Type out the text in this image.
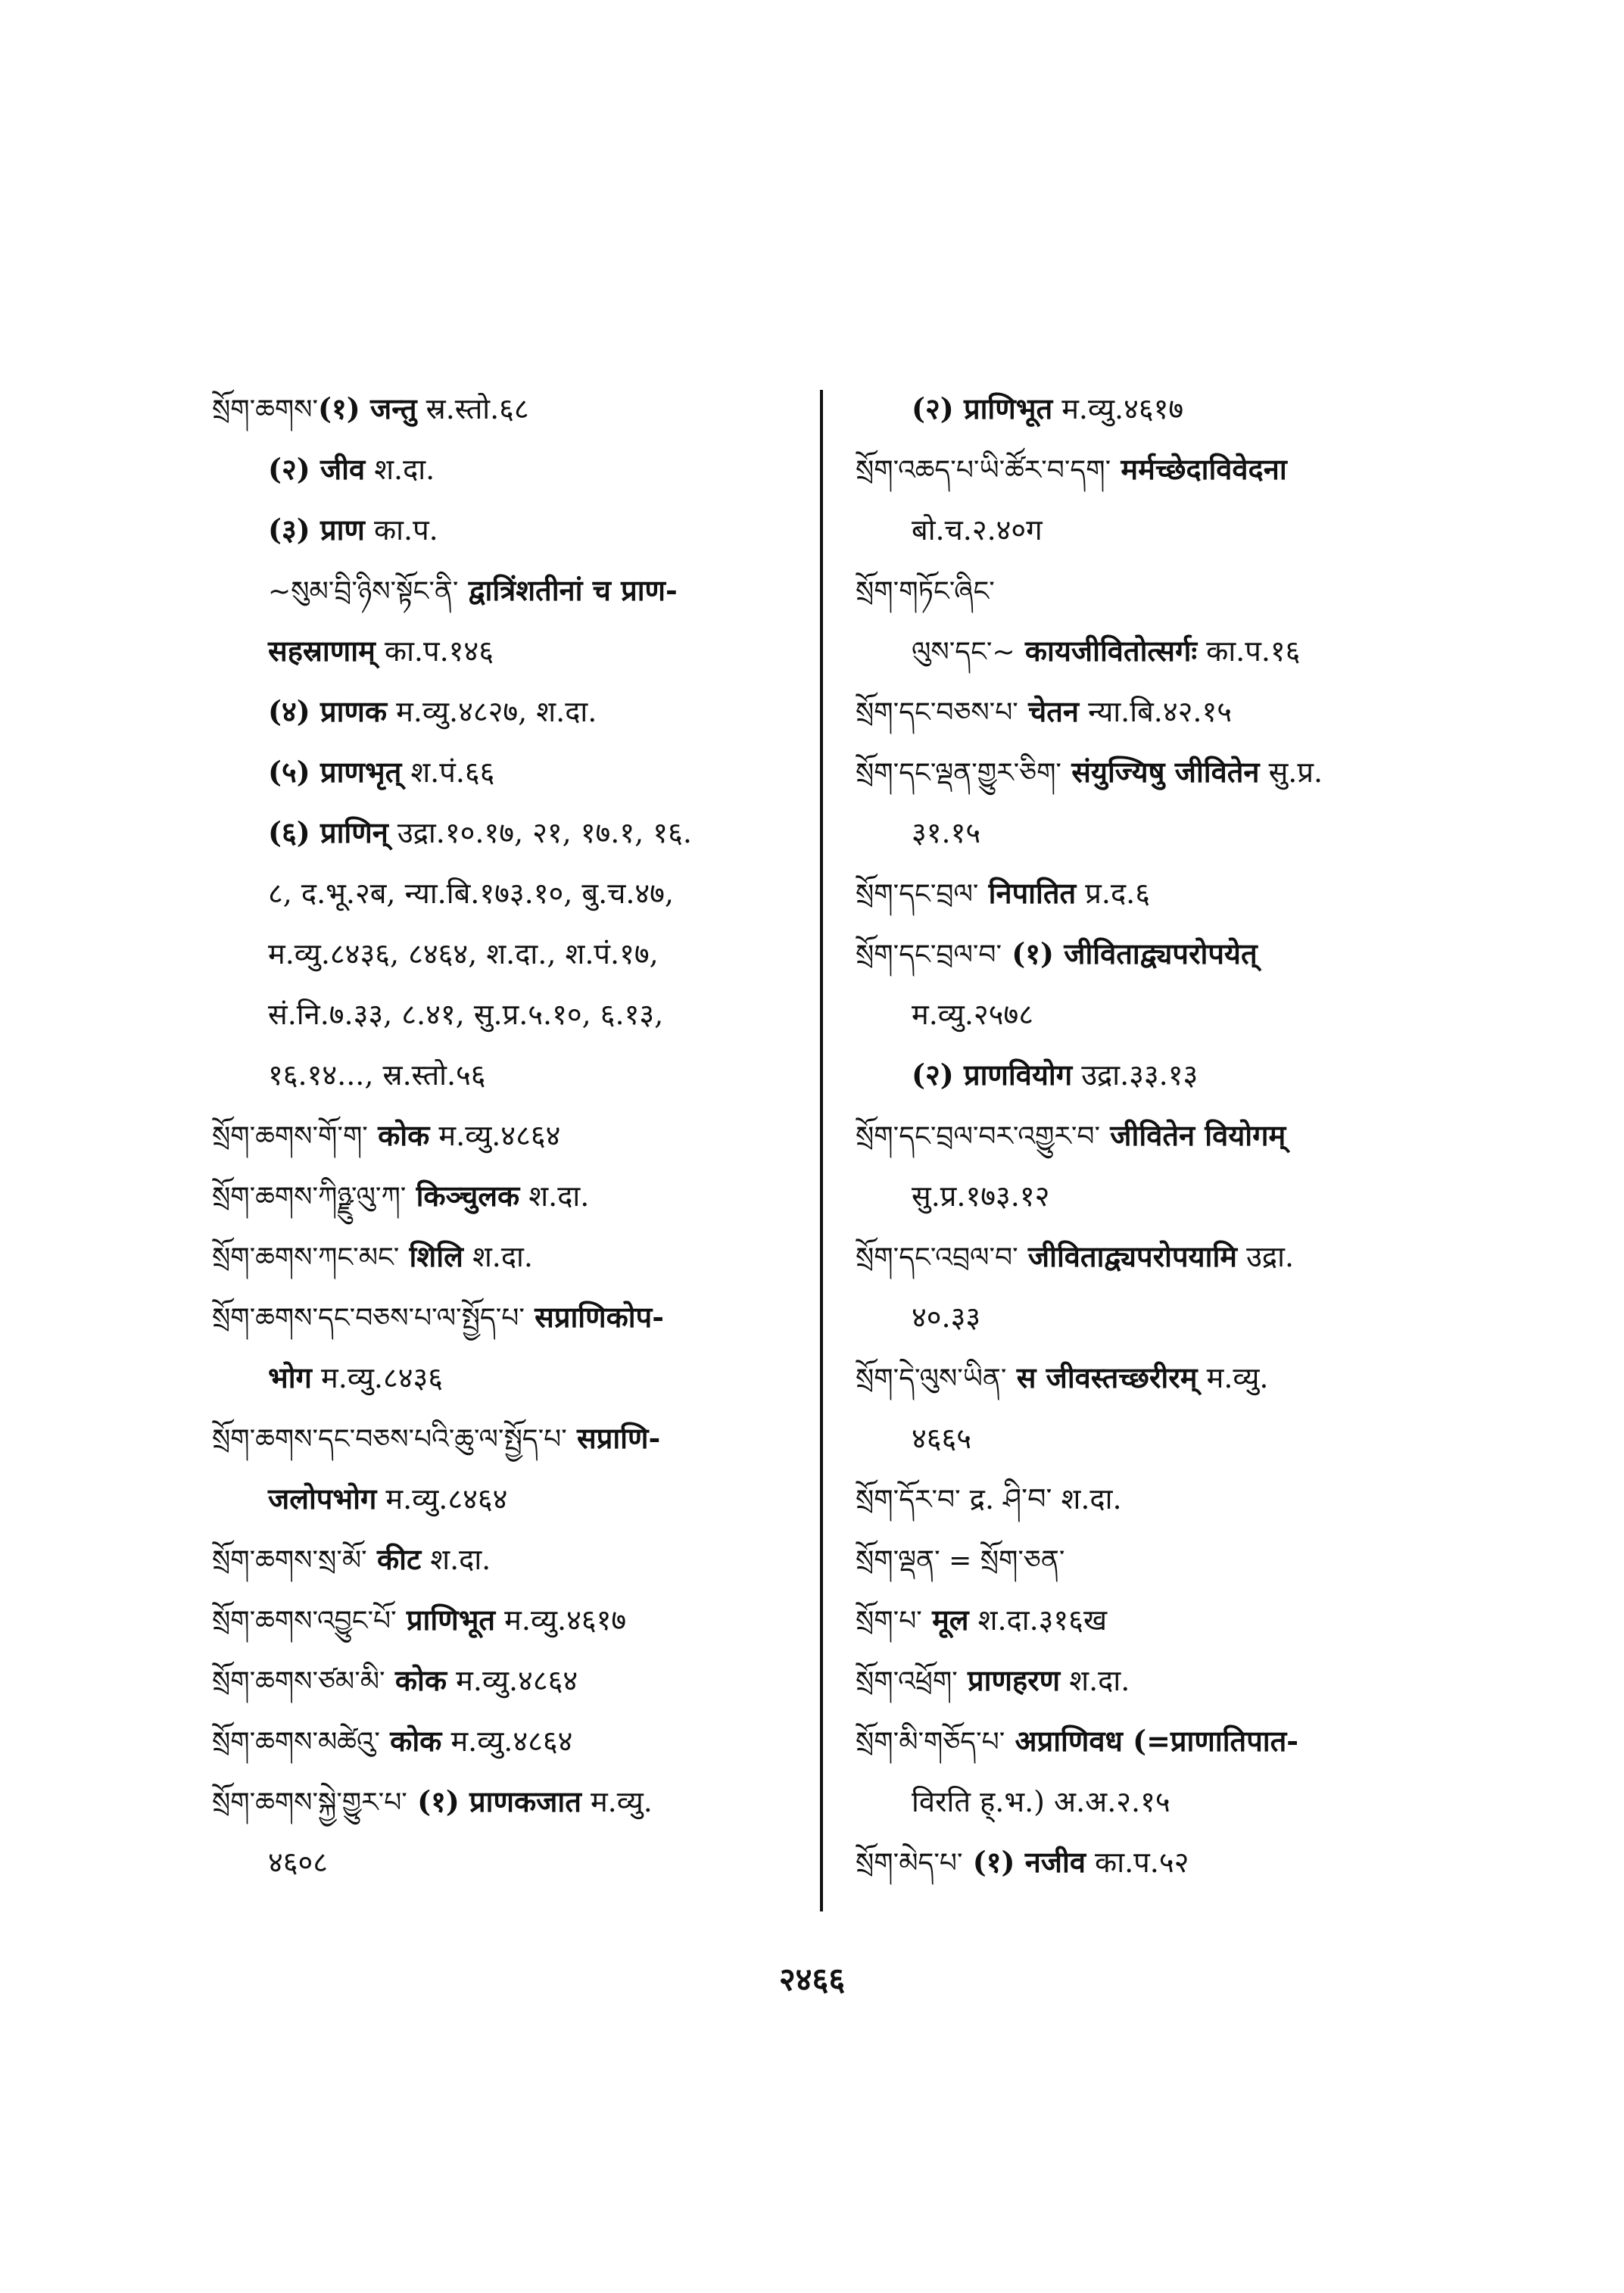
སྲོག་ཆགས་(१) जन्तु स्र.स्तो.६८
(२) जीव श.दा.
(३) प्राण का.प.
~སུམ་བྲི་ཉིས་སྟོང་ནི་ द्वात्रिंशतीनां च प्राण-
सहस्राणाम् का.प.१४६
(४) प्राणक म.व्यु.४८२७, श.दा.
(५) प्राणभृत् श.पं.६६
(६) प्राणिन् उद्रा.१०.१७, २१, १७.१, १६.
८, द.भू.२ब, न्या.बि.१७३.१०, बु.च.४७,
म.व्यु.८४३६, ८४६४, श.दा., श.पं.१७,
सं.नि.७.३३, ८.४१, सु.प्र.५.१०, ६.१३,
१६.१४..., स्र.स्तो.५६
སྲོག་ཆགས་གོ་ག་ कोक म.व्यु.४८६४
སྲོག་ཆགས་ཀིཉྫུ་ལུ་ཀ་ किञ्चुलक श.दा.
སྲོག་ཆགས་ཀང་མང་ शिलि श.दा.
སྲོག་ཆགས་དང་བཅས་པ་ལ་སྤྱོད་པ་ सप्राणिकोप-
भोग म.व्यु.८४३६
སྲོག་ཆགས་དང་བཅས་པའི་ཆུ་ལ་སྤྱོད་པ་ सप्राणि-
जलोपभोग म.व्यु.८४६४
སྲོག་ཆགས་སྲ་མོ་ कीट श.दा.
སྲོག་ཆགས་འབྱུང་པོ་ प्राणिभूत म.व्यु.४६१७
སྲོག་ཆགས་ཙམ་མི་ कोक म.व्यु.४८६४
སྲོག་ཆགས་མཚེའུ་ कोक म.व्यु.४८६४
སྲོག་ཆགས་སྐྱེ་གྱུར་པ་ (१) प्राणकजात म.व्यु.
४६०८
(२) प्राणिभूत म.व्यु.४६१७
སྲོག་འཆད་པ་ཡི་ཚོར་བ་དག་ मर्मच्छेदाविवेदना
बो.च.२.४०ग
སྲོག་གཏོང་ཞིང་
ལུས་དང་~ कायजीवितोत्सर्गः का.प.१६
སྲོག་དང་བཅས་པ་ चेतन न्या.बि.४२.१५
སྲོག་དང་ལྡན་གྱུར་ཅིག་ संयुज्यिषु जीवितेन सु.प्र.
३१.१५
སྲོག་དང་བྲལ་ निपातित प्र.द.६
སྲོག་དང་བྲལ་བ་ (१) जीविताद्व्यपरोपयेत्
म.व्यु.२५७८
(२) प्राणवियोग उद्रा.३३.१३
སྲོག་དང་བྲལ་བར་འགྱུར་བ་ जीवितेन वियोगम्
सु.प्र.१७३.१२
སྲོག་དང་འབྲལ་བ་ जीविताद्व्यपरोपयामि उद्रा.
४०.३३
སྲོག་དེ་ལུས་ཡིན་ स जीवस्तच्छरीरम् म.व्यु.
४६६५
སྲོག་དོར་བ་ द्र. ཤི་བ་ श.दा.
སྲོག་ལྡན་ = སྲོག་ཅན་
སྲོག་པ་ मूल श.दा.३१६ख
སྲོག་འཕྲོག་ प्राणहरण श.दा.
སྲོག་མི་གཅོད་པ་ अप्राणिवध (=प्राणातिपात-
विरति ह्.भ.) अ.अ.२.१५
སྲོག་མེད་པ་ (१) नजीव का.प.५२
२४६६
